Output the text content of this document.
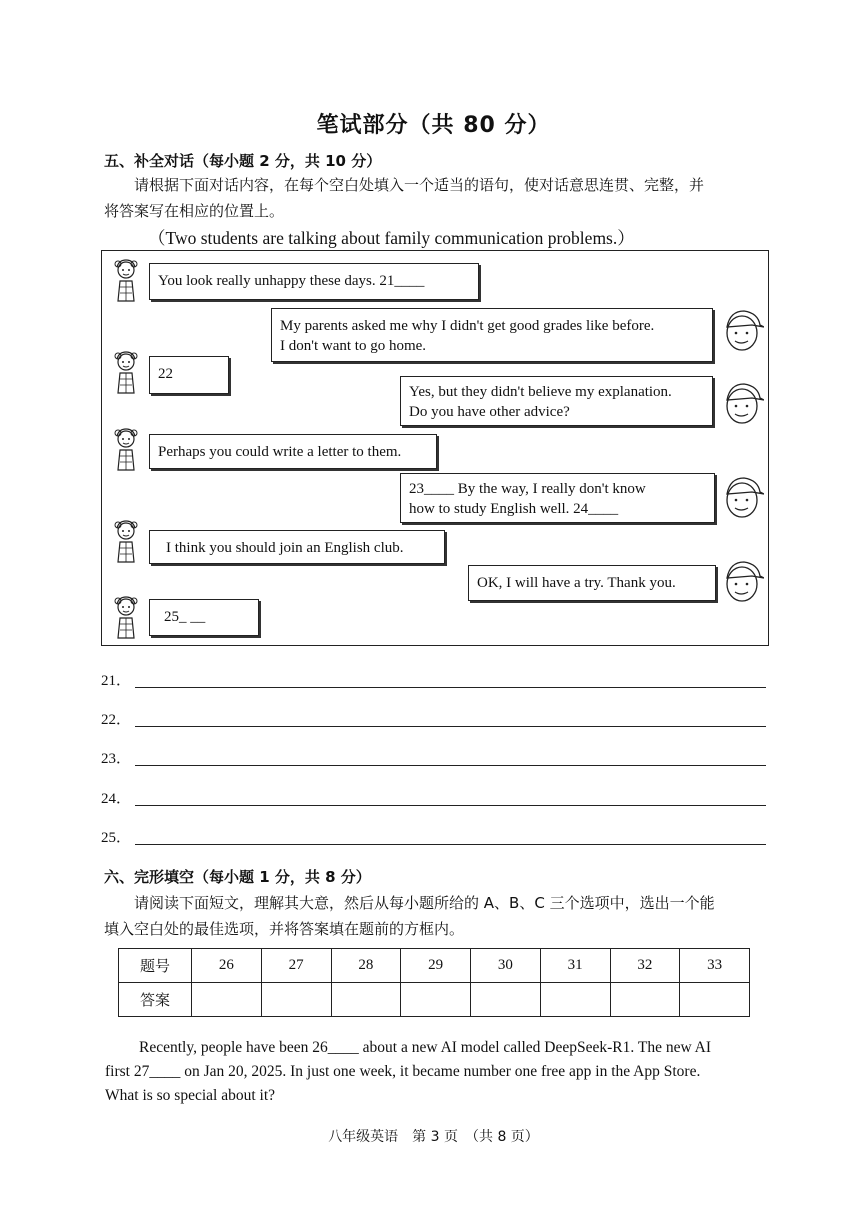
笔试部分（共 80 分）
五、补全对话（每小题 2 分，共 10 分）
请根据下面对话内容，在每个空白处填入一个适当的语句，使对话意思连贯、完整，并
将答案写在相应的位置上。
（Two students are talking about family communication problems.）
You look really unhappy these days. 21____
My parents asked me why I didn't get good grades like before.
I don't want to go home.
22
Yes, but they didn't believe my explanation.
Do you have other advice?
Perhaps you could write a letter to them.
23____ By the way, I really don't know
how to study English well. 24____
I think you should join an English club.
OK, I will have a try. Thank you.
25_ __
21．
22．
23．
24．
25．
六、完形填空（每小题 1 分，共 8 分）
请阅读下面短文，理解其大意，然后从每小题所给的 A、B、C 三个选项中，选出一个能
填入空白处的最佳选项，并将答案填在题前的方框内。
题号	26	27	28	29	30	31	32	33
答案								
Recently, people have been 26____ about a new AI model called DeepSeek-R1. The new AI
first 27____ on Jan 20, 2025. In just one week, it became number one free app in the App Store.
What is so special about it?
八年级英语　第 3 页　（共 8 页）
